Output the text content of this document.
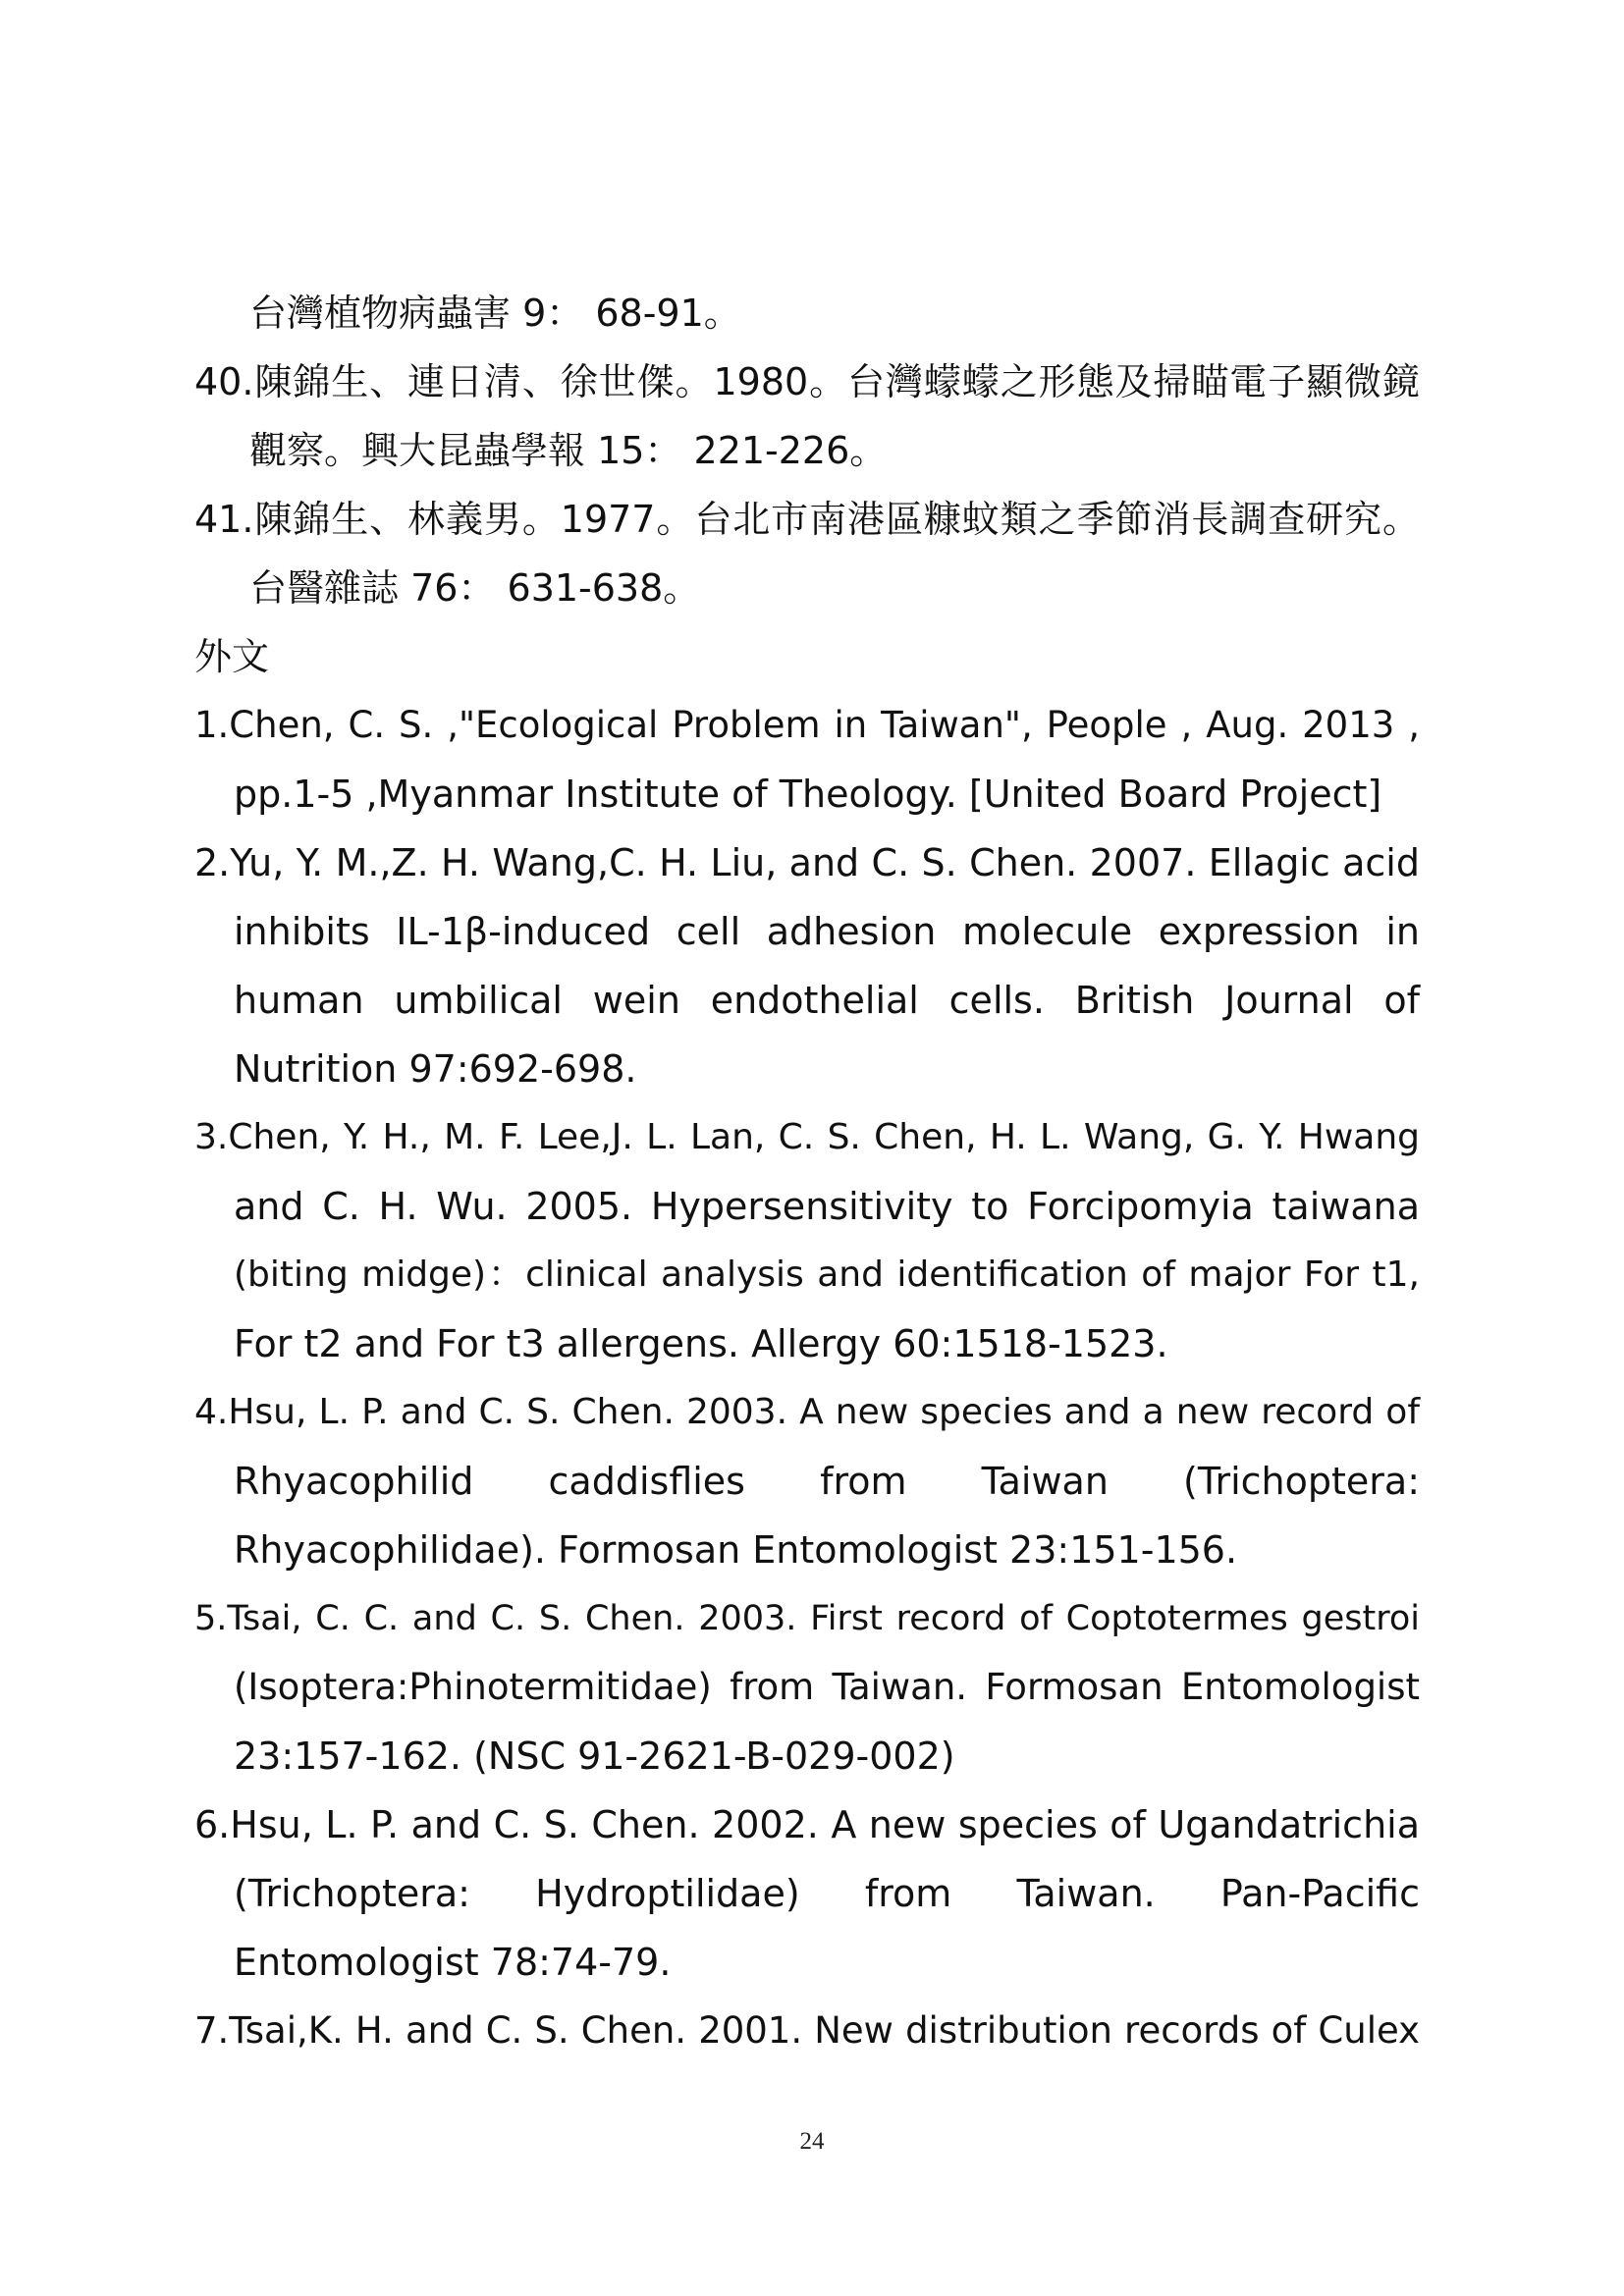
台灣植物病蟲害 9： 68-91。
40.陳錦生、連日清、徐世傑。1980。台灣蠓蠓之形態及掃瞄電子顯微鏡
觀察。興大昆蟲學報 15： 221-226。
41.陳錦生、林義男。1977。台北市南港區糠蚊類之季節消長調查研究。
台醫雜誌 76： 631-638。
外文
1.Chen, C. S. ,"Ecological Problem in Taiwan", People , Aug. 2013 ,
pp.1-5 ,Myanmar Institute of Theology. [United Board Project]
2.Yu, Y. M.,Z. H. Wang,C. H. Liu, and C. S. Chen. 2007. Ellagic acid
inhibits IL-1β-induced cell adhesion molecule expression in
human umbilical wein endothelial cells. British Journal of
Nutrition 97:692-698.
3.Chen, Y. H., M. F. Lee,J. L. Lan, C. S. Chen, H. L. Wang, G. Y. Hwang
and C. H. Wu. 2005. Hypersensitivity to Forcipomyia taiwana
(biting midge)：clinical analysis and identification of major For t1,
For t2 and For t3 allergens. Allergy 60:1518-1523.
4.Hsu, L. P. and C. S. Chen. 2003. A new species and a new record of
Rhyacophilid caddisflies from Taiwan (Trichoptera:
Rhyacophilidae). Formosan Entomologist 23:151-156.
5.Tsai, C. C. and C. S. Chen. 2003. First record of Coptotermes gestroi
(Isoptera:Phinotermitidae) from Taiwan. Formosan Entomologist
23:157-162. (NSC 91-2621-B-029-002)
6.Hsu, L. P. and C. S. Chen. 2002. A new species of Ugandatrichia
(Trichoptera: Hydroptilidae) from Taiwan. Pan-Pacific
Entomologist 78:74-79.
7.Tsai,K. H. and C. S. Chen. 2001. New distribution records of Culex
24
